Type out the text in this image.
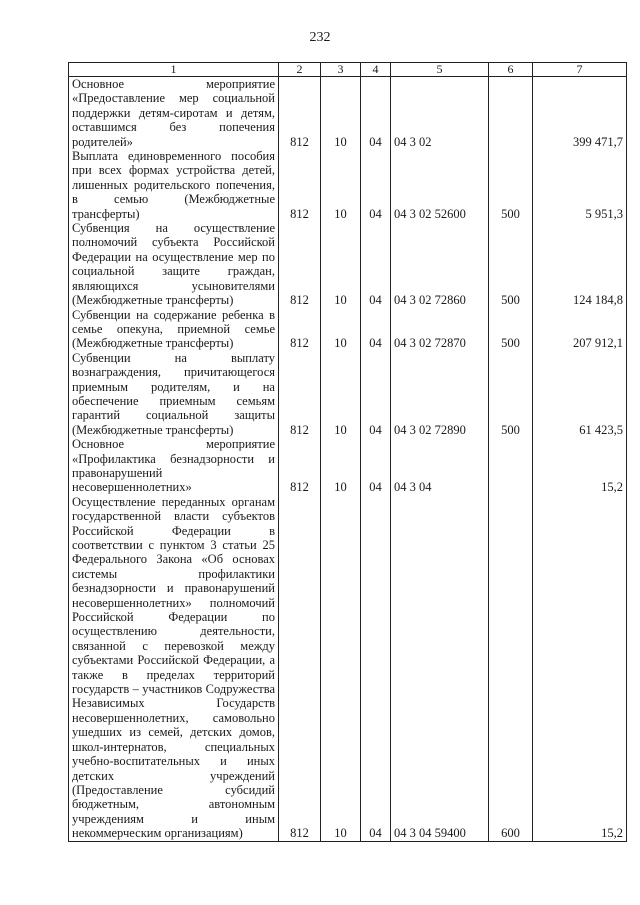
232
1	2	3	4	5	6	7
Основное мероприятие «Предоставление мер социальной поддержки детям-сиротам и детям, оставшимся без попечения родителей»	812	10	04	04 3 02		399 471,7
Выплата единовременного пособия при всех формах устройства детей, лишенных родительского попечения, в семью (Межбюджетные трансферты)	812	10	04	04 3 02 52600	500	5 951,3
Субвенция на осуществление полномочий субъекта Российской Федерации на осуществление мер по социальной защите граждан, являющихся усыновителями (Межбюджетные трансферты)	812	10	04	04 3 02 72860	500	124 184,8
Субвенции на содержание ребенка в семье опекуна, приемной семье (Межбюджетные трансферты)	812	10	04	04 3 02 72870	500	207 912,1
Субвенции на выплату вознаграждения, причитающегося приемным родителям, и на обеспечение приемным семьям гарантий социальной защиты (Межбюджетные трансферты)	812	10	04	04 3 02 72890	500	61 423,5
Основное мероприятие «Профилактика безнадзорности и правонарушений несовершеннолетних»	812	10	04	04 3 04		15,2
Осуществление переданных органам государственной власти субъектов Российской Федерации в соответствии с пунктом 3 статьи 25 Федерального Закона «Об основах системы профилактики безнадзорности и правонарушений несовершеннолетних» полномочий Российской Федерации по осуществлению деятельности, связанной с перевозкой между субъектами Российской Федерации, а также в пределах территорий государств – участников Содружества Независимых Государств несовершеннолетних, самовольно ушедших из семей, детских домов, школ-интернатов, специальных учебно-воспитательных и иных детских учреждений (Предоставление субсидий бюджетным, автономным учреждениям и иным некоммерческим организациям)	812	10	04	04 3 04 59400	600	15,2
